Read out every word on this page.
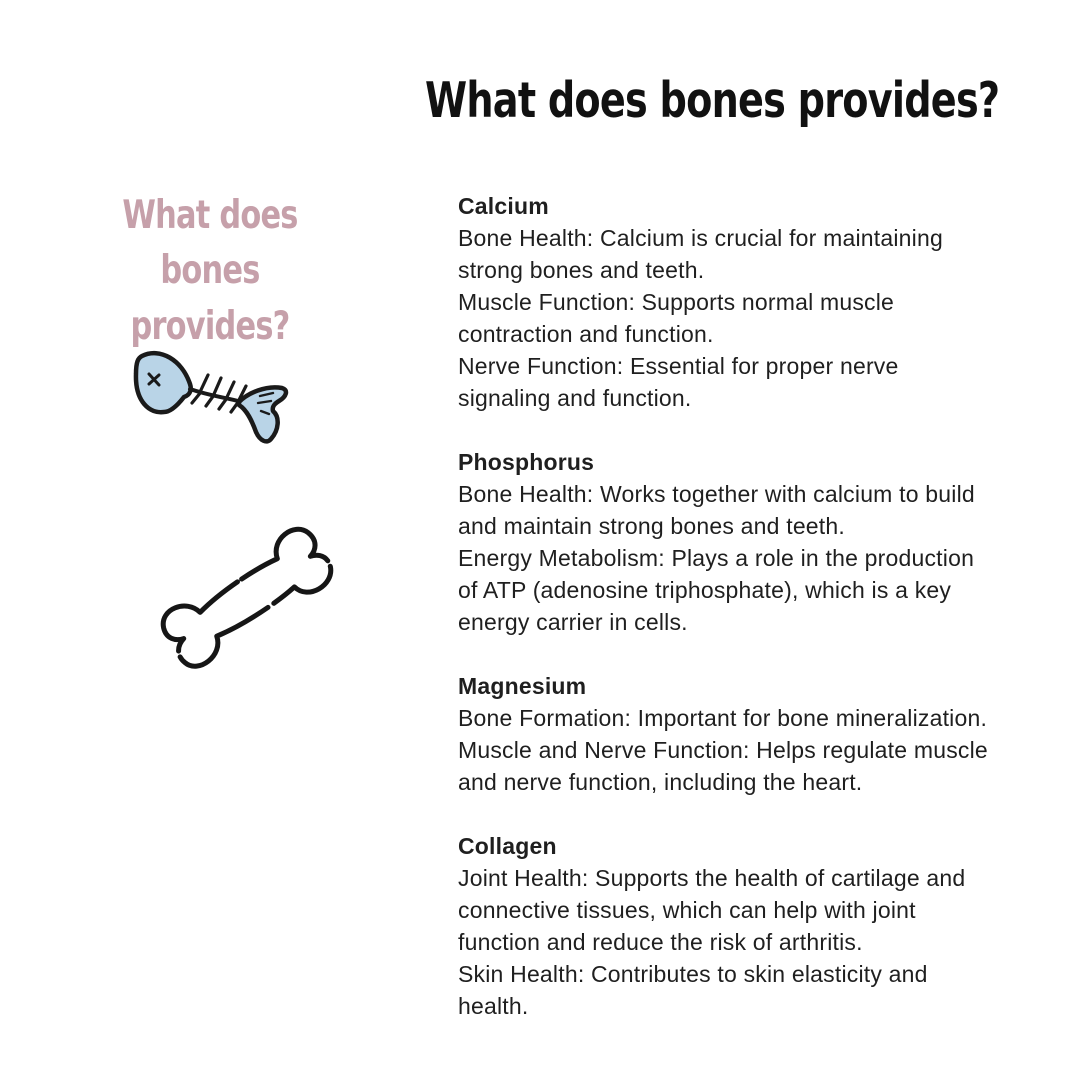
What does bones provides?
What does bones
provides?
Calcium
Bone Health: Calcium is crucial for maintaining
strong bones and teeth.
Muscle Function: Supports normal muscle
contraction and function.
Nerve Function: Essential for proper nerve
signaling and function.
Phosphorus
Bone Health: Works together with calcium to build
and maintain strong bones and teeth.
Energy Metabolism: Plays a role in the production
of ATP (adenosine triphosphate), which is a key
energy carrier in cells.
Magnesium
Bone Formation: Important for bone mineralization.
Muscle and Nerve Function: Helps regulate muscle
and nerve function, including the heart.
Collagen
Joint Health: Supports the health of cartilage and
connective tissues, which can help with joint
function and reduce the risk of arthritis.
Skin Health: Contributes to skin elasticity and
health.
